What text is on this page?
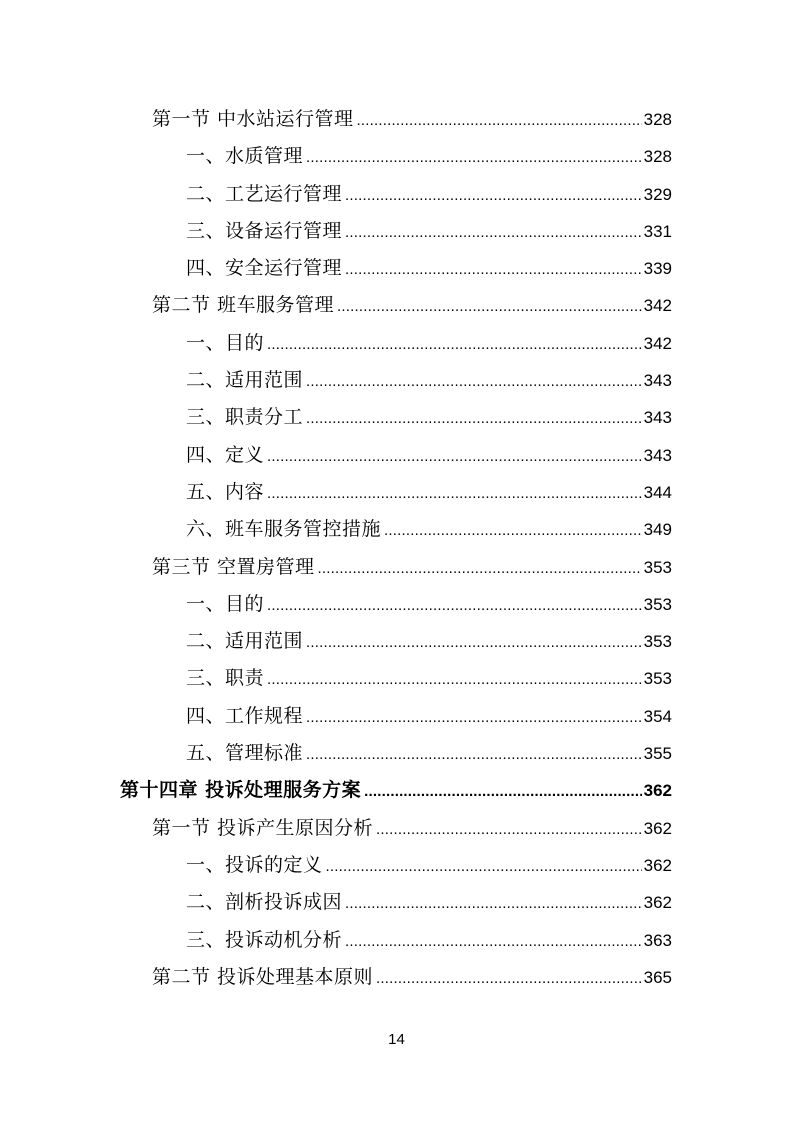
第一节 中水站运行管理 .....	328
一、水质管理 .....	328
二、工艺运行管理 .....	329
三、设备运行管理 .....	331
四、安全运行管理 .....	339
第二节 班车服务管理 .....	342
一、目的 .....	342
二、适用范围 .....	343
三、职责分工 .....	343
四、定义 .....	343
五、内容 .....	344
六、班车服务管控措施 .....	349
第三节 空置房管理 .....	353
一、目的 .....	353
二、适用范围 .....	353
三、职责 .....	353
四、工作规程 .....	354
五、管理标准 .....	355
第十四章 投诉处理服务方案 .....	362
第一节 投诉产生原因分析 .....	362
一、投诉的定义 .....	362
二、剖析投诉成因 .....	362
三、投诉动机分析 .....	363
第二节 投诉处理基本原则 .....	365
14
